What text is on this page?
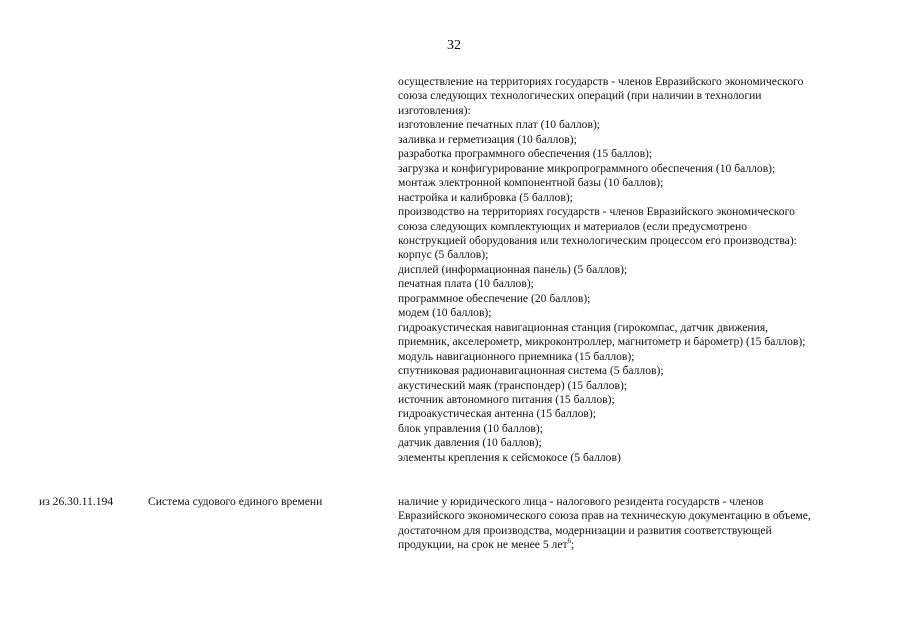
32
осуществление на территориях государств - членов Евразийского экономического
союза следующих технологических операций (при наличии в технологии
изготовления):
изготовление печатных плат (10 баллов);
заливка и герметизация (10 баллов);
разработка программного обеспечения (15 баллов);
загрузка и конфигурирование микропрограммного обеспечения (10 баллов);
монтаж электронной компонентной базы (10 баллов);
настройка и калибровка (5 баллов);
производство на территориях государств - членов Евразийского экономического
союза следующих комплектующих и материалов (если предусмотрено
конструкцией оборудования или технологическим процессом его производства):
корпус (5 баллов);
дисплей (информационная панель) (5 баллов);
печатная плата (10 баллов);
программное обеспечение (20 баллов);
модем (10 баллов);
гидроакустическая навигационная станция (гирокомпас, датчик движения,
приемник, акселерометр, микроконтроллер, магнитометр и барометр) (15 баллов);
модуль навигационного приемника (15 баллов);
спутниковая радионавигационная система (5 баллов);
акустический маяк (транспондер) (15 баллов);
источник автономного питания (15 баллов);
гидроакустическая антенна (15 баллов);
блок управления (10 баллов);
датчик давления (10 баллов);
элементы крепления к сейсмокосе (5 баллов)
из 26.30.11.194	Система судового единого времени	наличие у юридического лица - налогового резидента государств - членов
Евразийского экономического союза прав на техническую документацию в объеме,
достаточном для производства, модернизации и развития соответствующей
продукции, на срок не менее 5 лет$^6$;
